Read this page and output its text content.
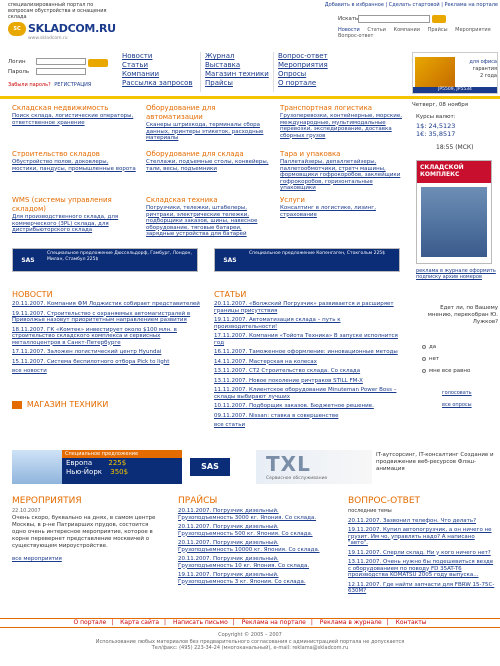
специализированный портал по вопросам обустройства и оснащения склада
SC SKLADCOM.RU
www.skladcom.ru
Добавить в избранное | Сделать стартовой | Реклама на портале
Искать
Новости Статьи Компании Прайсы Мероприятия Вопрос-ответ
Логин
Пароль
Забыли пароль? РЕГИСТРАЦИЯ
Новости
Статьи
Компании
Рассылка запросов
Журнал
Выставка
Магазин техники
Прайсы
Вопрос-ответ
Мероприятия
Опросы
О портале
для офиса
гарантия
2 года
JP5509, JP5534
Складская недвижимость
Поиск склада, логистические операторы, ответственное хранение
Оборудование для автоматизации
Сканеры штрихкода, терминалы сбора данных, принтеры этикеток, расходные материалы
Транспортная логистика
Грузоперевозки, контейнерные, морские, международные, мультимодальные перевозки, экспедирование, доставка сборных грузов
Строительство складов
Обустройство полов, доковлеры, мостики, пандусы, промышленные ворота
Оборудование для склада
Стеллажи, подъемные столы, конвейеры, тали, весы, подъемники
Тара и упаковка
Паллетайзеры, депаллетайзеры, паллетообмотчики, стретч машины, формовщики гофрокоробов, заклейщики гофрокоробов, горизонтальные упаковщики
WMS (системы управления складом)
Для производственного склада, для коммерческого (3PL) склада, для дистрибьюторского склада
Складская техника
Погрузчики, тележки, штабелеры, ричтраки, электрические тележки, подборщики заказов, шины, навесное оборудование, тяговые батареи, зарядные устройства для батарей
Услуги
Консалтинг в логистике, лизинг, страхование
Четверг, 08 ноября
Курсы валют:
1$: 24,5123
1€: 35,8517
18:55 (МСК)
СКЛАДСКОЙ КОМПЛЕКС
реклама в журнале оформить подписку архив номеров
Едет ли, по Вашему мнению, перекобран Ю. Лужков?
да
нет
мне все равно
голосовать
все опросы
SAS
Специальное предложение Дюссельдорф, Гамбург, Лондон, Милан, Стамбул 225$	SAS
Специальное предложение Копенгаген, Стокгольм 225$
НОВОСТИ
20.11.2007. Компания ФМ Лоджистик собирает представителей
19.11.2007. Строительство с охраняемых автомагистралей в Приволжье назовут приоритетным направлением развития
18.11.2007. ГК «Комтек» инвестирует около $100 млн. в строительство складского комплекса и сервисных металлоцентров в Санкт-Петербурге
17.11.2007. Заложен логистический центр Hyundai
15.11.2007. Система беспилотного отбора Pick to light
все новости
МАГАЗИН ТЕХНИКИ
СТАТЬИ
20.11.2007. «Волжский Погрузчик» развивается и расширяет границы присутствия
19.11.2007. Автоматизация склада – путь к производительности!
17.11.2007. Компания «Тойота Техника» В запуске исполнится год
16.11.2007. Таможенное оформление: инновационные методы
14.11.2007. Мастерская на колесах
13.11.2007. СТ2 Строительство склада. Со склада
13.11.2007. Новое поколение ричтраков STILL FM-X
11.11.2007. Клиентское оборудование Minuteman Power Boss – склады выбирают лучших
10.11.2007. Подборщик заказов. Бюджетное решение.
09.11.2007. Nissan: ставка в совершенстве
все статьи
Специальное предложение
Европа 225$
Нью-Йорк 350$
SAS	TXL
Сервисное обслуживание
IT-аутсорсинг, IT-консалтинг Создание и продвижение веб-ресурсов Флэш-анимация
МЕРОПРИЯТИЯ
22.10.2007
Очень скоро, буквально на днях, в самом центре Москвы, в р-не Патриарших прудов, состоится одно очень интересное мероприятие, которое в корне перевернет представление москвичей о существующем мироустройстве.
все мероприятия
ПРАЙСЫ
20.11.2007. Погрузчик дизельный. Грузоподъемность 3000 кг. Япония. Со склада.
20.11.2007. Погрузчик дизельный. Грузоподъемность 500 кг. Япония. Со склада.
20.11.2007. Погрузчик дизельный. Грузоподъемность 10000 кг. Япония. Со склада.
20.11.2007. Погрузчик дизельный. Грузоподъемность 10 кг. Япония. Со склада.
19.11.2007. Погрузчик дизельный. Грузоподъемность 3 кг. Япония. Со склада.
ВОПРОС-ОТВЕТ
последние темы
20.11.2007. Зазвонил телефон. Что делать?
19.11.2007. Купил автопогрузчик, а он ничего не грузит. Им чо, управлять надо? А написано "авто".
19.11.2007. Сперли склад. Ни у кого ничего нет?
13.11.2007. Очень нужно бы подешевиться везде с оборудованием по поводу FD 35AT-T6 производства KOMATSU 2005 году выпуска...
12.11.2007. Где найти запчасти для FBRW 15-75C-630M?
О портале | Карта сайта | Написать письмо | Реклама на портале | Реклама в журнале | Контакты
Copyright © 2005 – 2007
Использование любых материалов без предварительного согласования с администрацией портала не допускается
Тел/факс: (495) 223-34-24 (многоканальный), e-mail: reklama@skladcom.ru
